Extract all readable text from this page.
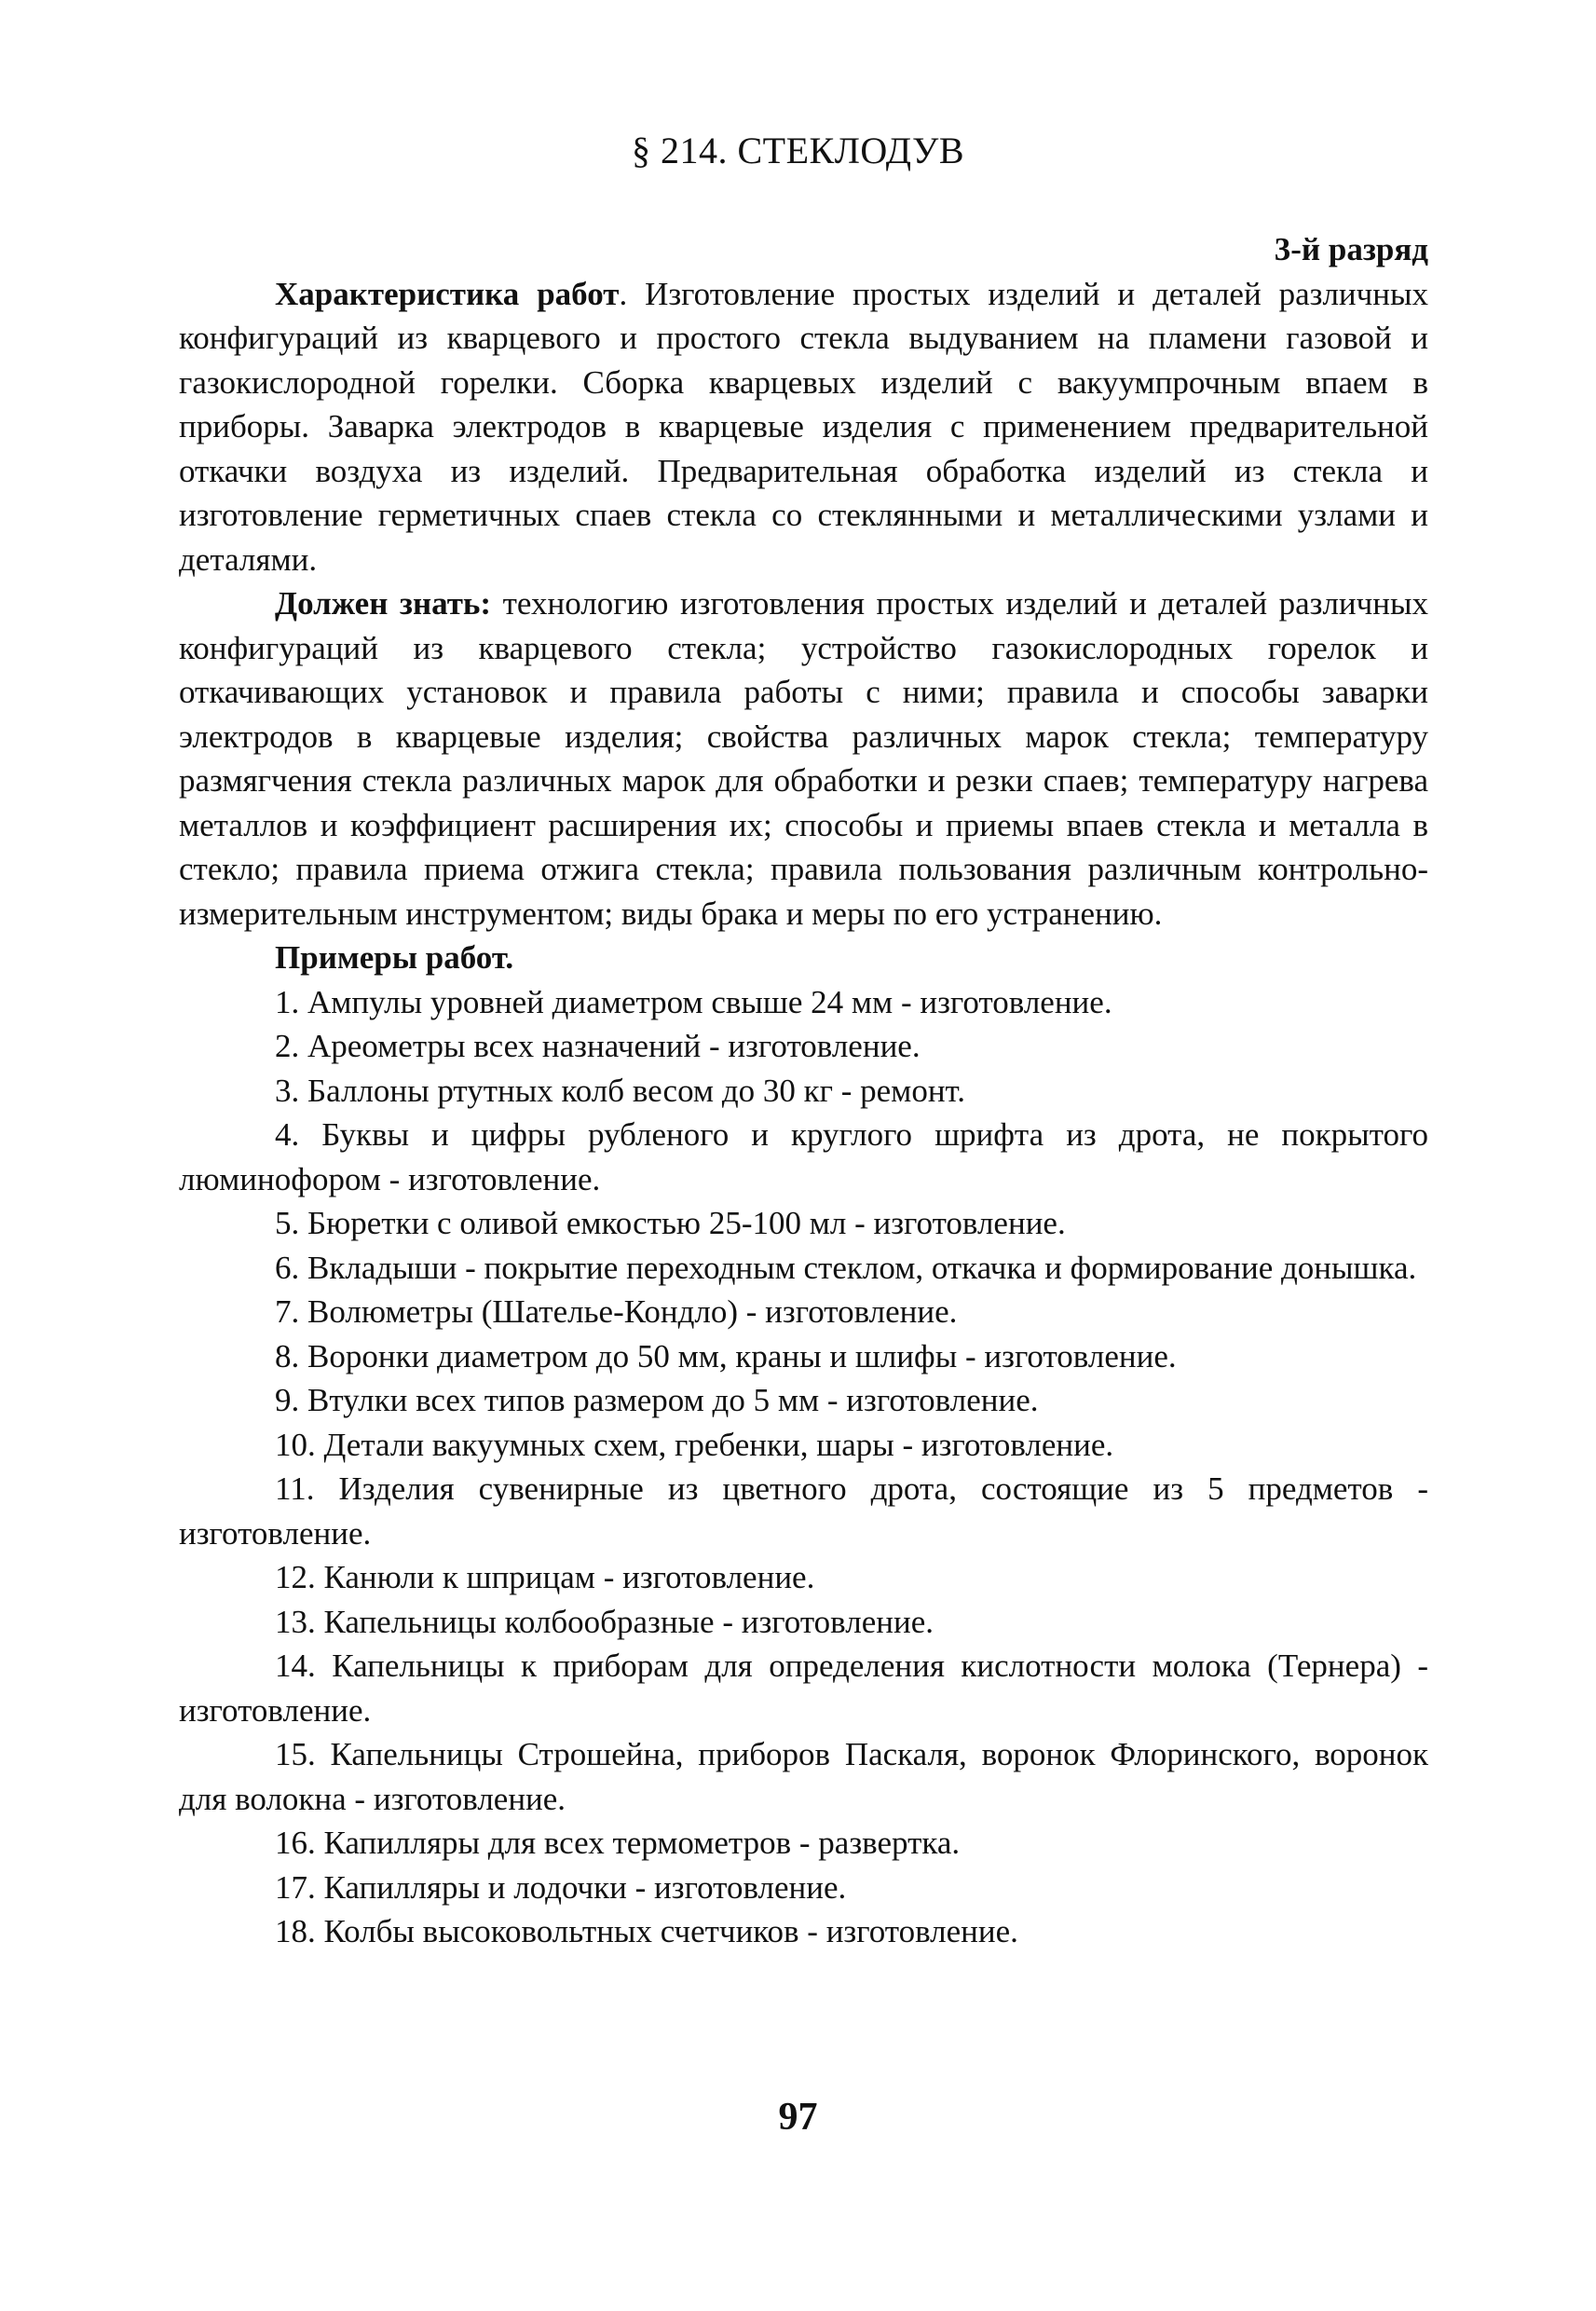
§ 214. СТЕКЛОДУВ

3-й разряд

Характеристика работ. Изготовление простых изделий и деталей различных конфигураций из кварцевого и простого стекла выдуванием на пламени газовой и газокислородной горелки. Сборка кварцевых изделий с вакуумпрочным впаем в приборы. Заварка электродов в кварцевые изделия с применением предварительной откачки воздуха из изделий. Предварительная обработка изделий из стекла и изготовление герметичных спаев стекла со стеклянными и металлическими узлами и деталями.

Должен знать: технологию изготовления простых изделий и деталей различных конфигураций из кварцевого стекла; устройство газокислородных горелок и откачивающих установок и правила работы с ними; правила и способы заварки электродов в кварцевые изделия; свойства различных марок стекла; температуру размягчения стекла различных марок для обработки и резки спаев; температуру нагрева металлов и коэффициент расширения их; способы и приемы впаев стекла и металла в стекло; правила приема отжига стекла; правила пользования различным контрольно-измерительным инструментом; виды брака и меры по его устранению.

Примеры работ.

1. Ампулы уровней диаметром свыше 24 мм - изготовление.
2. Ареометры всех назначений - изготовление.
3. Баллоны ртутных колб весом до 30 кг - ремонт.
4. Буквы и цифры рубленого и круглого шрифта из дрота, не покрытого люминофором - изготовление.
5. Бюретки с оливой емкостью 25-100 мл - изготовление.
6. Вкладыши - покрытие переходным стеклом, откачка и формирование донышка.
7. Волюметры (Шателье-Кондло) - изготовление.
8. Воронки диаметром до 50 мм, краны и шлифы - изготовление.
9. Втулки всех типов размером до 5 мм - изготовление.
10. Детали вакуумных схем, гребенки, шары - изготовление.
11. Изделия сувенирные из цветного дрота, состоящие из 5 предметов - изготовление.
12. Канюли к шприцам - изготовление.
13. Капельницы колбообразные - изготовление.
14. Капельницы к приборам для определения кислотности молока (Тернера) - изготовление.
15. Капельницы Строшейна, приборов Паскаля, воронок Флоринского, воронок для волокна - изготовление.
16. Капилляры для всех термометров - развертка.
17. Капилляры и лодочки - изготовление.
18. Колбы высоковольтных счетчиков - изготовление.

97
